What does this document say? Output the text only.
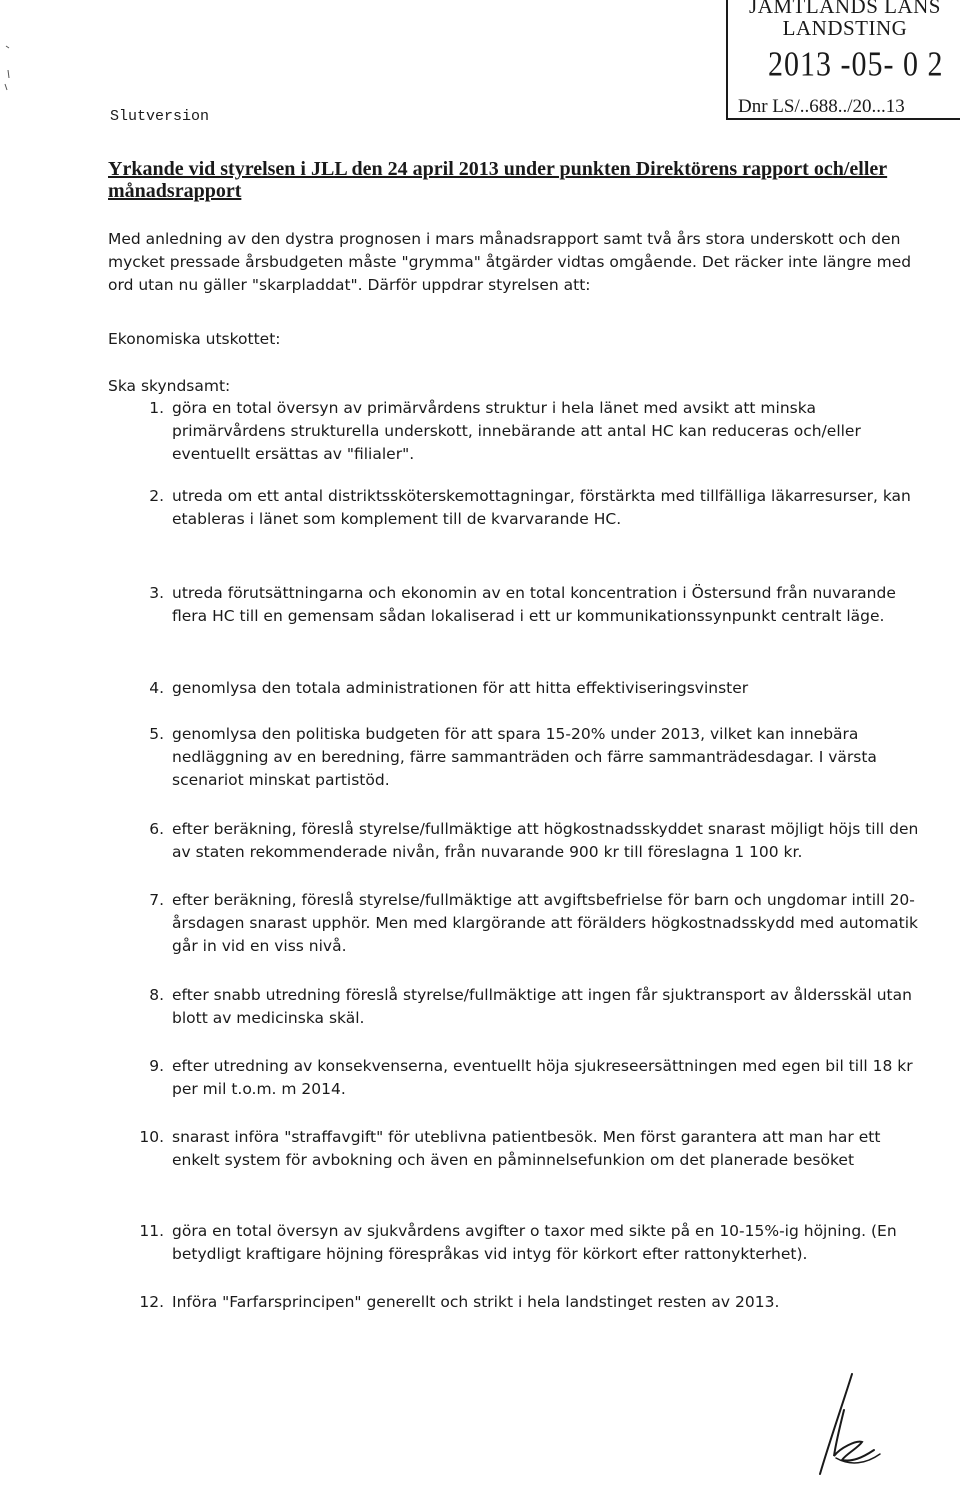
JAMTLANDS LANS
LANDSTING
2013 -05- 0 2
Dnr LS/..688../20...13
Slutversion
Yrkande vid styrelsen i JLL den 24 april 2013 under punkten Direktörens rapport och/eller månadsrapport
Med anledning av den dystra prognosen i mars månadsrapport samt två års stora underskott och den mycket pressade årsbudgeten måste "grymma" åtgärder vidtas omgående. Det räcker inte längre med ord utan nu gäller "skarpladdat". Därför uppdrar styrelsen att:
Ekonomiska utskottet:
Ska skyndsamt:
1. göra en total översyn av primärvårdens struktur i hela länet med avsikt att minska primärvårdens strukturella underskott, innebärande att antal HC kan reduceras och/eller eventuellt ersättas av "filialer".
2. utreda om ett antal distriktssköterskemottagningar, förstärkta med tillfälliga läkarresurser, kan etableras i länet som komplement till de kvarvarande HC.
3. utreda förutsättningarna och ekonomin av en total koncentration i Östersund från nuvarande flera HC till en gemensam sådan lokaliserad i ett ur kommunikationssynpunkt centralt läge.
4. genomlysa den totala administrationen för att hitta effektiviseringsvinster
5. genomlysa den politiska budgeten för att spara 15-20% under 2013, vilket kan innebära nedläggning av en beredning, färre sammanträden och färre sammanträdesdagar. I värsta scenariot minskat partistöd.
6. efter beräkning, föreslå styrelse/fullmäktige att högkostnadsskyddet snarast möjligt höjs till den av staten rekommenderade nivån, från nuvarande 900 kr till föreslagna 1 100 kr.
7. efter beräkning, föreslå styrelse/fullmäktige att avgiftsbefrielse för barn och ungdomar intill 20-årsdagen snarast upphör. Men med klargörande att förälders högkostnadsskydd med automatik går in vid en viss nivå.
8. efter snabb utredning föreslå styrelse/fullmäktige att ingen får sjuktransport av åldersskäl utan blott av medicinska skäl.
9. efter utredning av konsekvenserna, eventuellt höja sjukreseersättningen med egen bil till 18 kr per mil t.o.m. m 2014.
10. snarast införa "straffavgift" för uteblivna patientbesök. Men först garantera att man har ett enkelt system för avbokning och även en påminnelsefunkion om det planerade besöket
11. göra en total översyn av sjukvårdens avgifter o taxor med sikte på en 10-15%-ig höjning. (En betydligt kraftigare höjning förespråkas vid intyg för körkort efter rattonykterhet).
12. Införa "Farfarsprincipen" generellt och strikt i hela landstinget resten av 2013.
